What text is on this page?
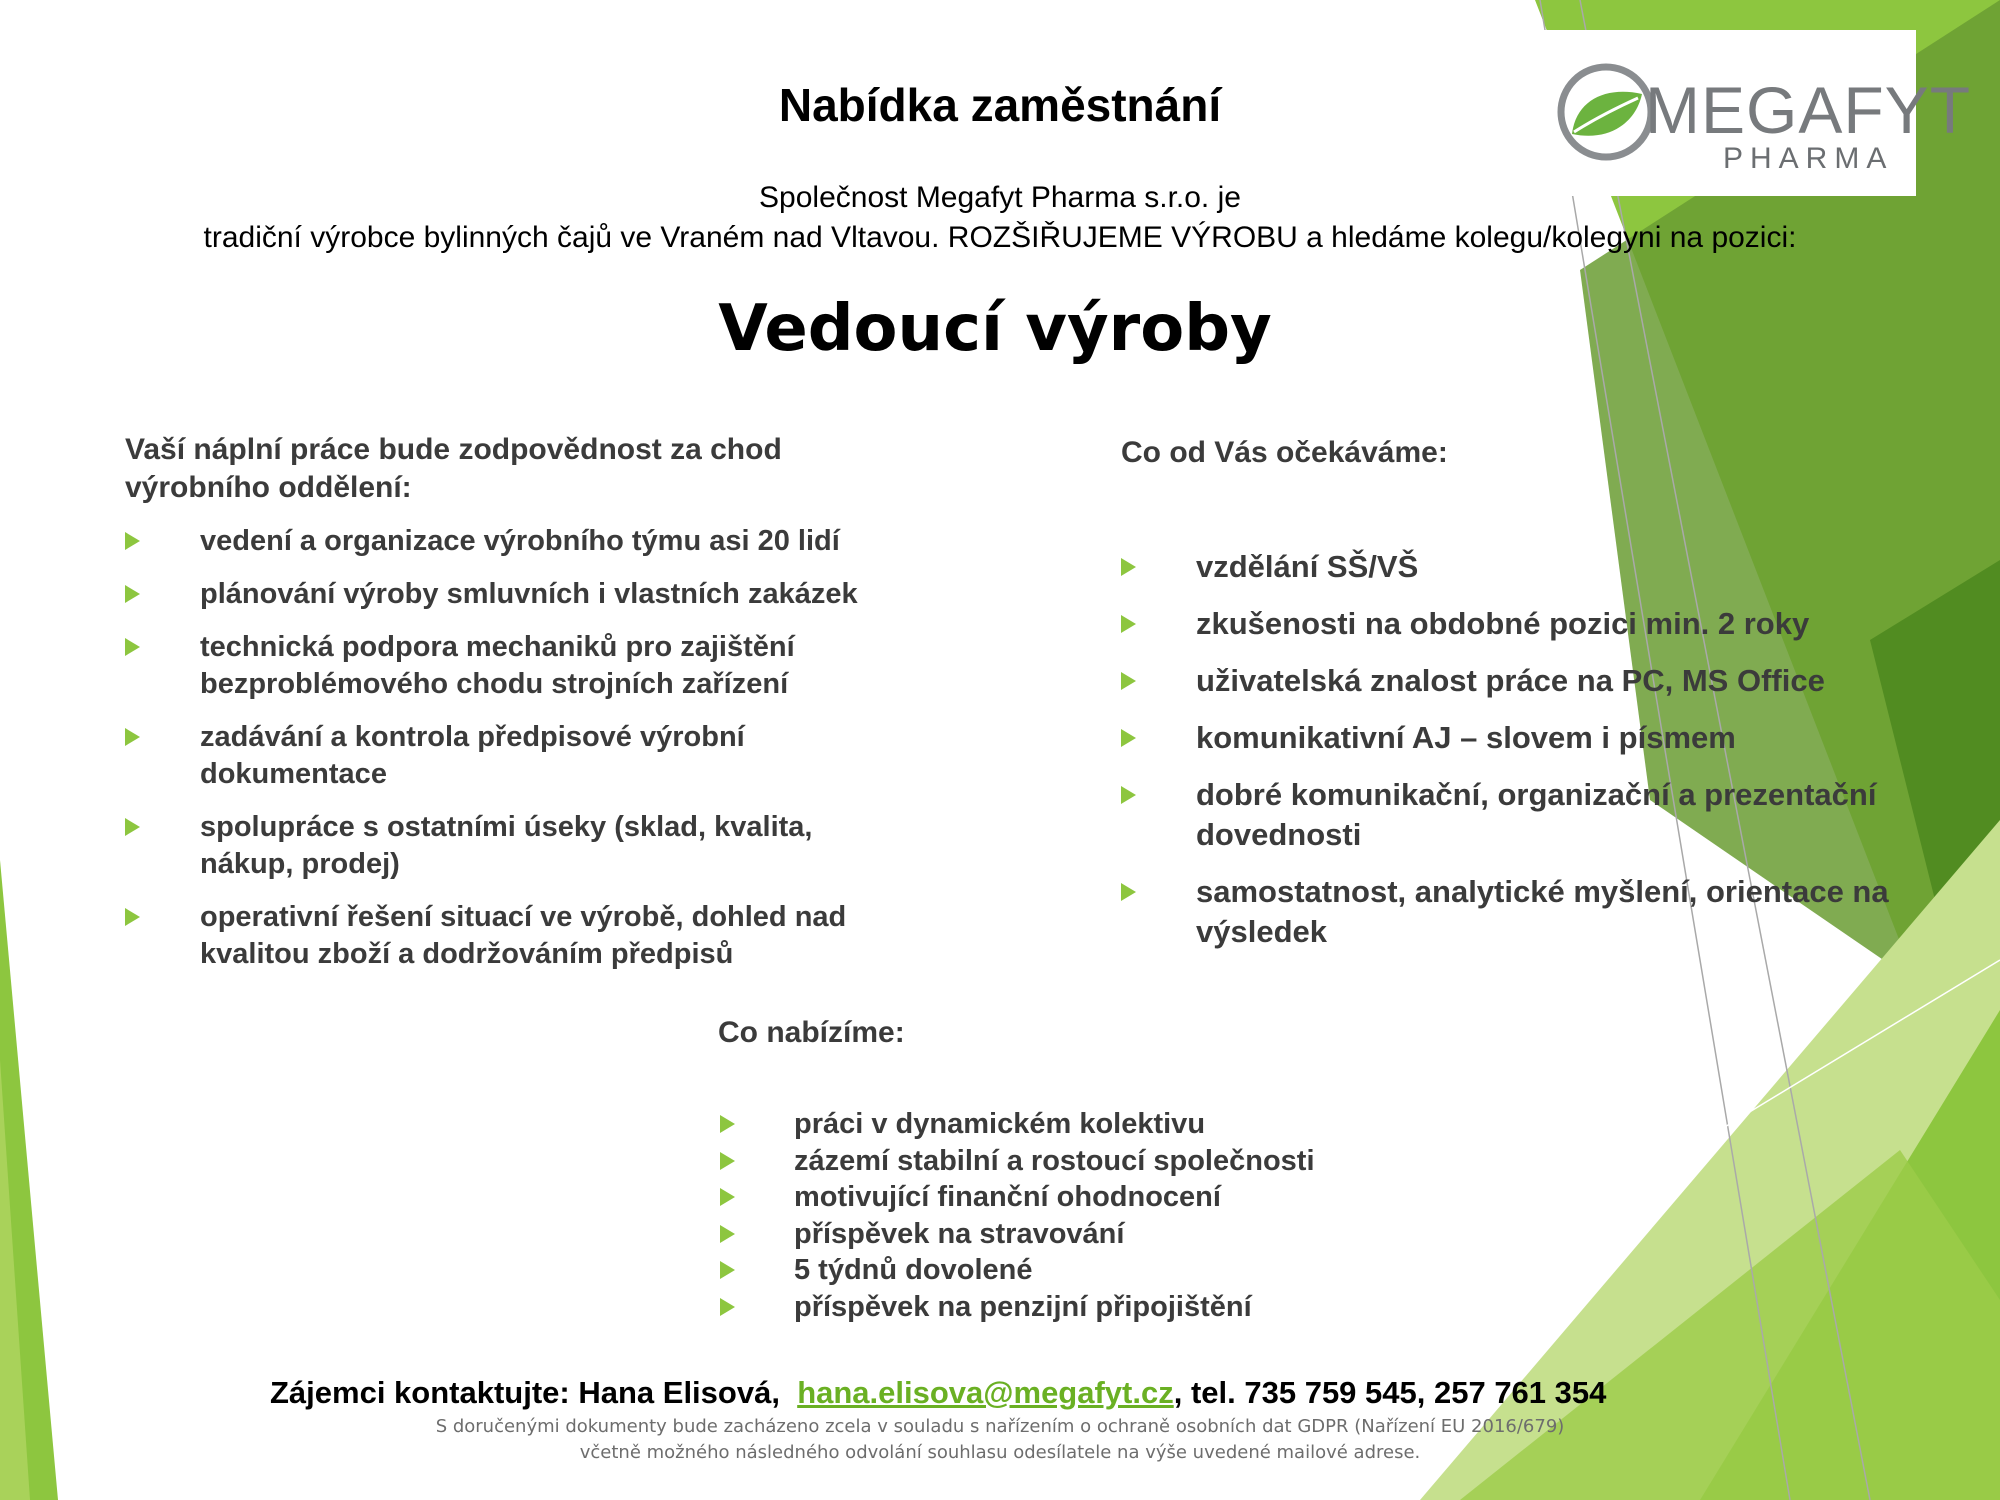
MEGAFYT
PHARMA
Nabídka zaměstnání
Společnost Megafyt Pharma s.r.o. je
tradiční výrobce bylinných čajů ve Vraném nad Vltavou. ROZŠIŘUJEME VÝROBU a hledáme kolegu/kolegyni na pozici:
Vedoucí výroby
Vaší náplní práce bude zodpovědnost za chod výrobního oddělení:
vedení a organizace výrobního týmu asi 20 lidí
plánování výroby smluvních i vlastních zakázek
technická podpora mechaniků pro zajištění bezproblémového chodu strojních zařízení
zadávání a kontrola předpisové výrobní dokumentace
spolupráce s ostatními úseky (sklad, kvalita, nákup, prodej)
operativní řešení situací ve výrobě, dohled nad kvalitou zboží a dodržováním předpisů
Co od Vás očekáváme:
vzdělání SŠ/VŠ
zkušenosti na obdobné pozici min. 2 roky
uživatelská znalost práce na PC, MS Office
komunikativní AJ – slovem i písmem
dobré komunikační, organizační a prezentační dovednosti
samostatnost, analytické myšlení, orientace na výsledek
Co nabízíme:
práci v dynamickém kolektivu
zázemí stabilní a rostoucí společnosti
motivující finanční ohodnocení
příspěvek na stravování
5 týdnů dovolené
příspěvek na penzijní připojištění
Zájemci kontaktujte: Hana Elisová, hana.elisova@megafyt.cz, tel. 735 759 545, 257 761 354
S doručenými dokumenty bude zacházeno zcela v souladu s nařízením o ochraně osobních dat GDPR (Nařízení EU 2016/679)
včetně možného následného odvolání souhlasu odesílatele na výše uvedené mailové adrese.
